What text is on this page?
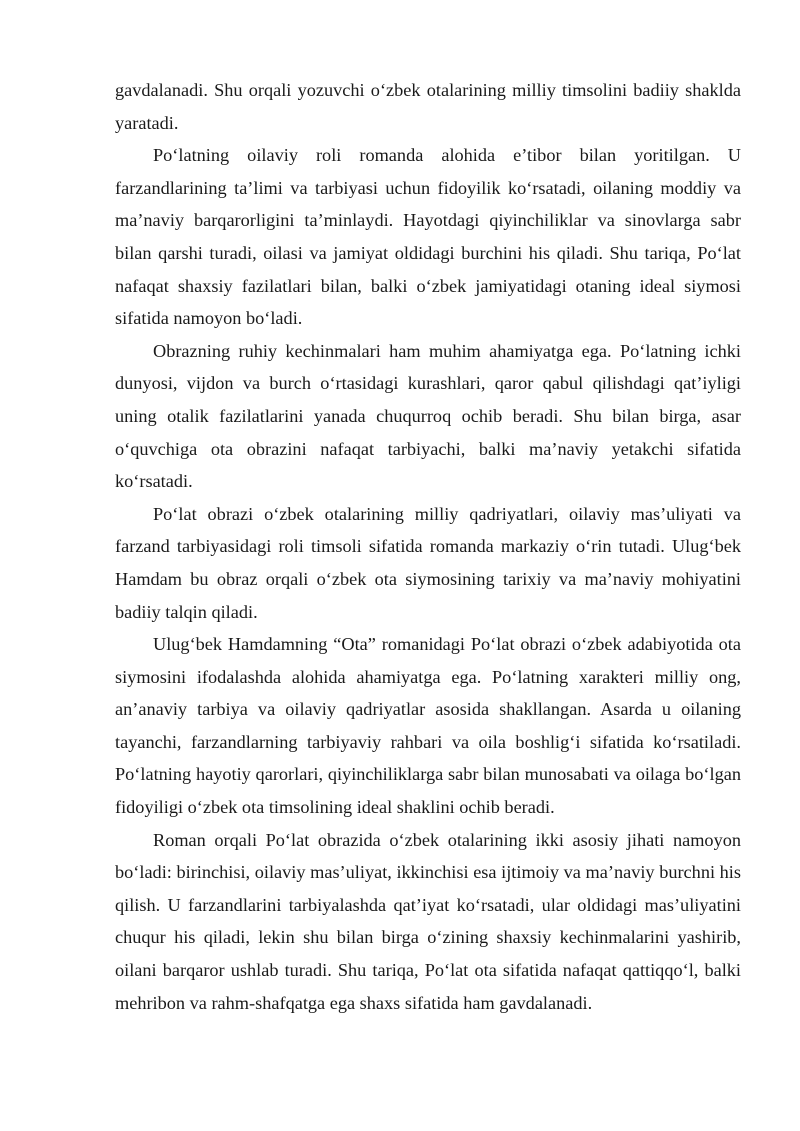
gavdalanadi. Shu orqali yozuvchi o‘zbek otalarining milliy timsolini badiiy shaklda yaratadi.

Po‘latning oilaviy roli romanda alohida e’tibor bilan yoritilgan. U farzandlarining ta’limi va tarbiyasi uchun fidoyilik ko‘rsatadi, oilaning moddiy va ma’naviy barqarorligini ta’minlaydi. Hayotdagi qiyinchiliklar va sinovlarga sabr bilan qarshi turadi, oilasi va jamiyat oldidagi burchini his qiladi. Shu tariqa, Po‘lat nafaqat shaxsiy fazilatlari bilan, balki o‘zbek jamiyatidagi otaning ideal siymosi sifatida namoyon bo‘ladi.

Obrazning ruhiy kechinmalari ham muhim ahamiyatga ega. Po‘latning ichki dunyosi, vijdon va burch o‘rtasidagi kurashlari, qaror qabul qilishdagi qat’iyligi uning otalik fazilatlarini yanada chuqurroq ochib beradi. Shu bilan birga, asar o‘quvchiga ota obrazini nafaqat tarbiyachi, balki ma’naviy yetakchi sifatida ko‘rsatadi.

Po‘lat obrazi o‘zbek otalarining milliy qadriyatlari, oilaviy mas’uliyati va farzand tarbiyasidagi roli timsoli sifatida romanda markaziy o‘rin tutadi. Ulug‘bek Hamdam bu obraz orqali o‘zbek ota siymosining tarixiy va ma’naviy mohiyatini badiiy talqin qiladi.

Ulug‘bek Hamdamning “Ota” romanidagi Po‘lat obrazi o‘zbek adabiyotida ota siymosini ifodalashda alohida ahamiyatga ega. Po‘latning xarakteri milliy ong, an’anaviy tarbiya va oilaviy qadriyatlar asosida shakllangan. Asarda u oilaning tayanchi, farzandlarning tarbiyaviy rahbari va oila boshlig‘i sifatida ko‘rsatiladi. Po‘latning hayotiy qarorlari, qiyinchiliklarga sabr bilan munosabati va oilaga bo‘lgan fidoyiligi o‘zbek ota timsolining ideal shaklini ochib beradi.

Roman orqali Po‘lat obrazida o‘zbek otalarining ikki asosiy jihati namoyon bo‘ladi: birinchisi, oilaviy mas’uliyat, ikkinchisi esa ijtimoiy va ma’naviy burchni his qilish. U farzandlarini tarbiyalashda qat’iyat ko‘rsatadi, ular oldidagi mas’uliyatini chuqur his qiladi, lekin shu bilan birga o‘zining shaxsiy kechinmalarini yashirib, oilani barqaror ushlab turadi. Shu tariqa, Po‘lat ota sifatida nafaqat qattiqqo‘l, balki mehribon va rahm-shafqatga ega shaxs sifatida ham gavdalanadi.
